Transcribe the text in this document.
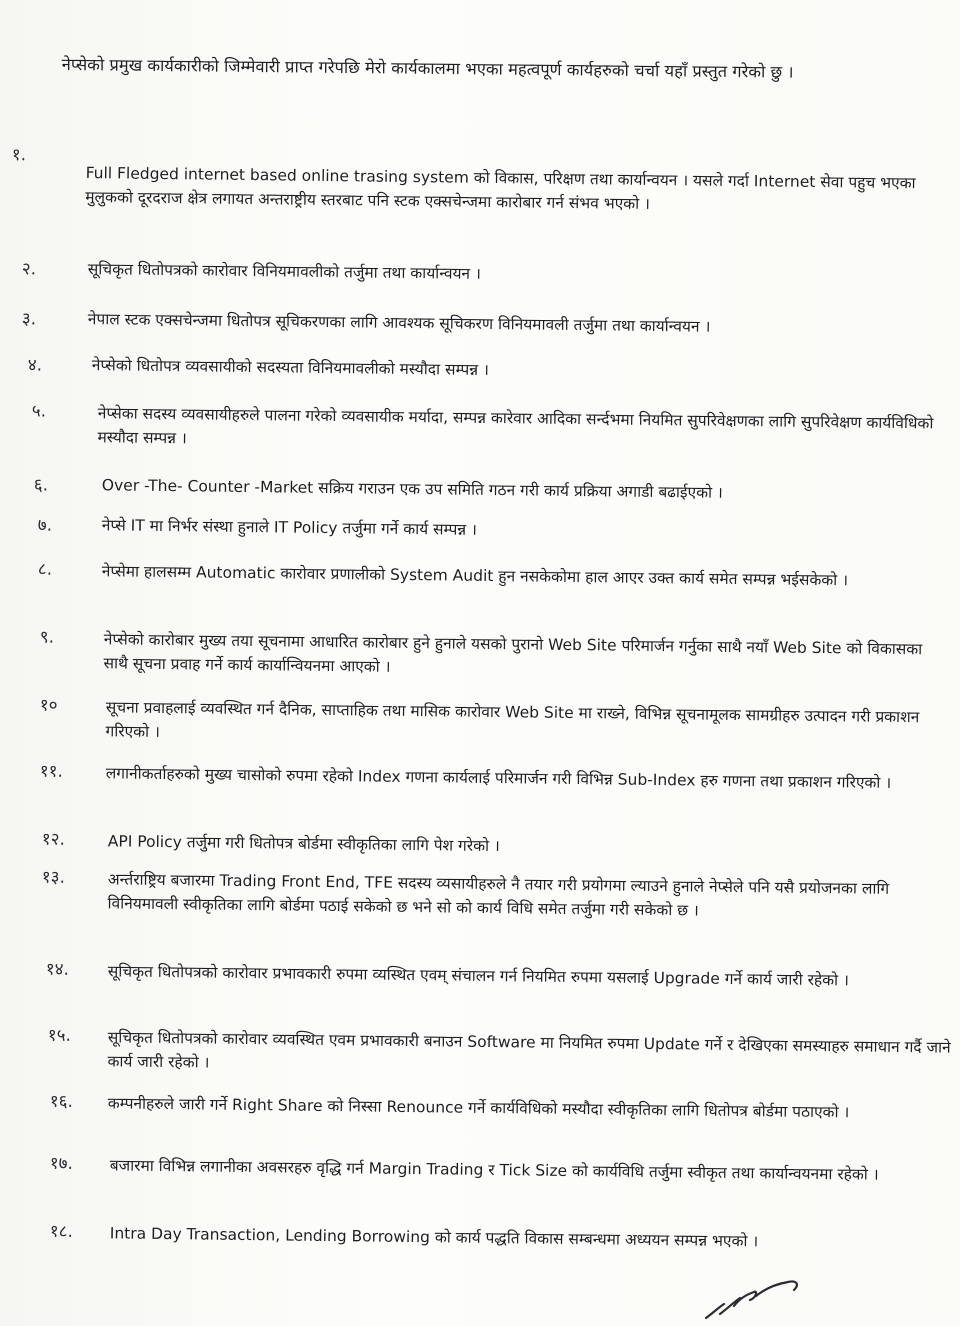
नेप्सेको प्रमुख कार्यकारीको जिम्मेवारी प्राप्त गरेपछि मेरो कार्यकालमा भएका महत्वपूर्ण कार्यहरुको चर्चा यहाँ प्रस्तुत गरेको छु ।
१.
Full Fledged internet based online trasing system को विकास, परिक्षण तथा कार्यान्वयन । यसले गर्दा Internet सेवा पहुच भएका मुलुकको दूरदराज क्षेत्र लगायत अन्तराष्ट्रीय स्तरबाट पनि स्टक एक्सचेन्जमा कारोबार गर्न संभव भएको ।
२.	सूचिकृत धितोपत्रको कारोवार विनियमावलीको तर्जुमा तथा कार्यान्वयन ।
३.	नेपाल स्टक एक्सचेन्जमा धितोपत्र सूचिकरणका लागि आवश्यक सूचिकरण विनियमावली तर्जुमा तथा कार्यान्वयन ।
४.	नेप्सेको धितोपत्र व्यवसायीको सदस्यता विनियमावलीको मस्यौदा सम्पन्न ।
५.	नेप्सेका सदस्य व्यवसायीहरुले पालना गरेको व्यवसायीक मर्यादा, सम्पन्न कारेवार आदिका सर्न्दभमा नियमित सुपरिवेक्षणका लागि सुपरिवेक्षण कार्यविधिको मस्यौदा सम्पन्न ।
६.	Over -The- Counter -Market सक्रिय गराउन एक उप समिति गठन गरी कार्य प्रक्रिया अगाडी बढाईएको ।
७.	नेप्से IT मा निर्भर संस्था हुनाले IT Policy तर्जुमा गर्ने कार्य सम्पन्न ।
८.	नेप्सेमा हालसम्म Automatic कारोवार प्रणालीको System Audit हुन नसकेकोमा हाल आएर उक्त कार्य समेत सम्पन्न भईसकेको ।
९.	नेप्सेको कारोबार मुख्य तया सूचनामा आधारित कारोबार हुने हुनाले यसको पुरानो Web Site परिमार्जन गर्नुका साथै नयाँ Web Site को विकासका साथै सूचना प्रवाह गर्ने कार्य कार्यान्वियनमा आएको ।
१०	सूचना प्रवाहलाई व्यवस्थित गर्न दैनिक, साप्ताहिक तथा मासिक कारोवार Web Site मा राख्ने, विभिन्न सूचनामूलक सामग्रीहरु उत्पादन गरी प्रकाशन गरिएको ।
११.	लगानीकर्ताहरुको मुख्य चासोको रुपमा रहेको Index गणना कार्यलाई परिमार्जन गरी विभिन्न Sub-Index हरु गणना तथा प्रकाशन गरिएको ।
१२.	API Policy तर्जुमा गरी धितोपत्र बोर्डमा स्वीकृतिका लागि पेश गरेको ।
१३.	अर्न्तराष्ट्रिय बजारमा Trading Front End, TFE सदस्य व्यसायीहरुले नै तयार गरी प्रयोगमा ल्याउने हुनाले नेप्सेले पनि यसै प्रयोजनका लागि विनियमावली स्वीकृतिका लागि बोर्डमा पठाई सकेको छ भने सो को कार्य विधि समेत तर्जुमा गरी सकेको छ ।
१४. सूचिकृत धितोपत्रको कारोवार प्रभावकारी रुपमा व्यस्थित एवम् संचालन गर्न नियमित रुपमा यसलाई Upgrade गर्ने कार्य जारी रहेको ।
१५. सूचिकृत धितोपत्रको कारोवार व्यवस्थित एवम प्रभावकारी बनाउन Software मा नियमित रुपमा Update गर्ने र देखिएका समस्याहरु समाधान गर्दै जाने कार्य जारी रहेको ।
१६. कम्पनीहरुले जारी गर्ने Right Share को निस्सा Renounce गर्ने कार्यविधिको मस्यौदा स्वीकृतिका लागि धितोपत्र बोर्डमा पठाएको ।
१७. बजारमा विभिन्न लगानीका अवसरहरु वृद्धि गर्न Margin Trading र Tick Size को कार्यविधि तर्जुमा स्वीकृत तथा कार्यान्वयनमा रहेको ।
१८. Intra Day Transaction, Lending Borrowing को कार्य पद्धति विकास सम्बन्धमा अध्ययन सम्पन्न भएको ।
